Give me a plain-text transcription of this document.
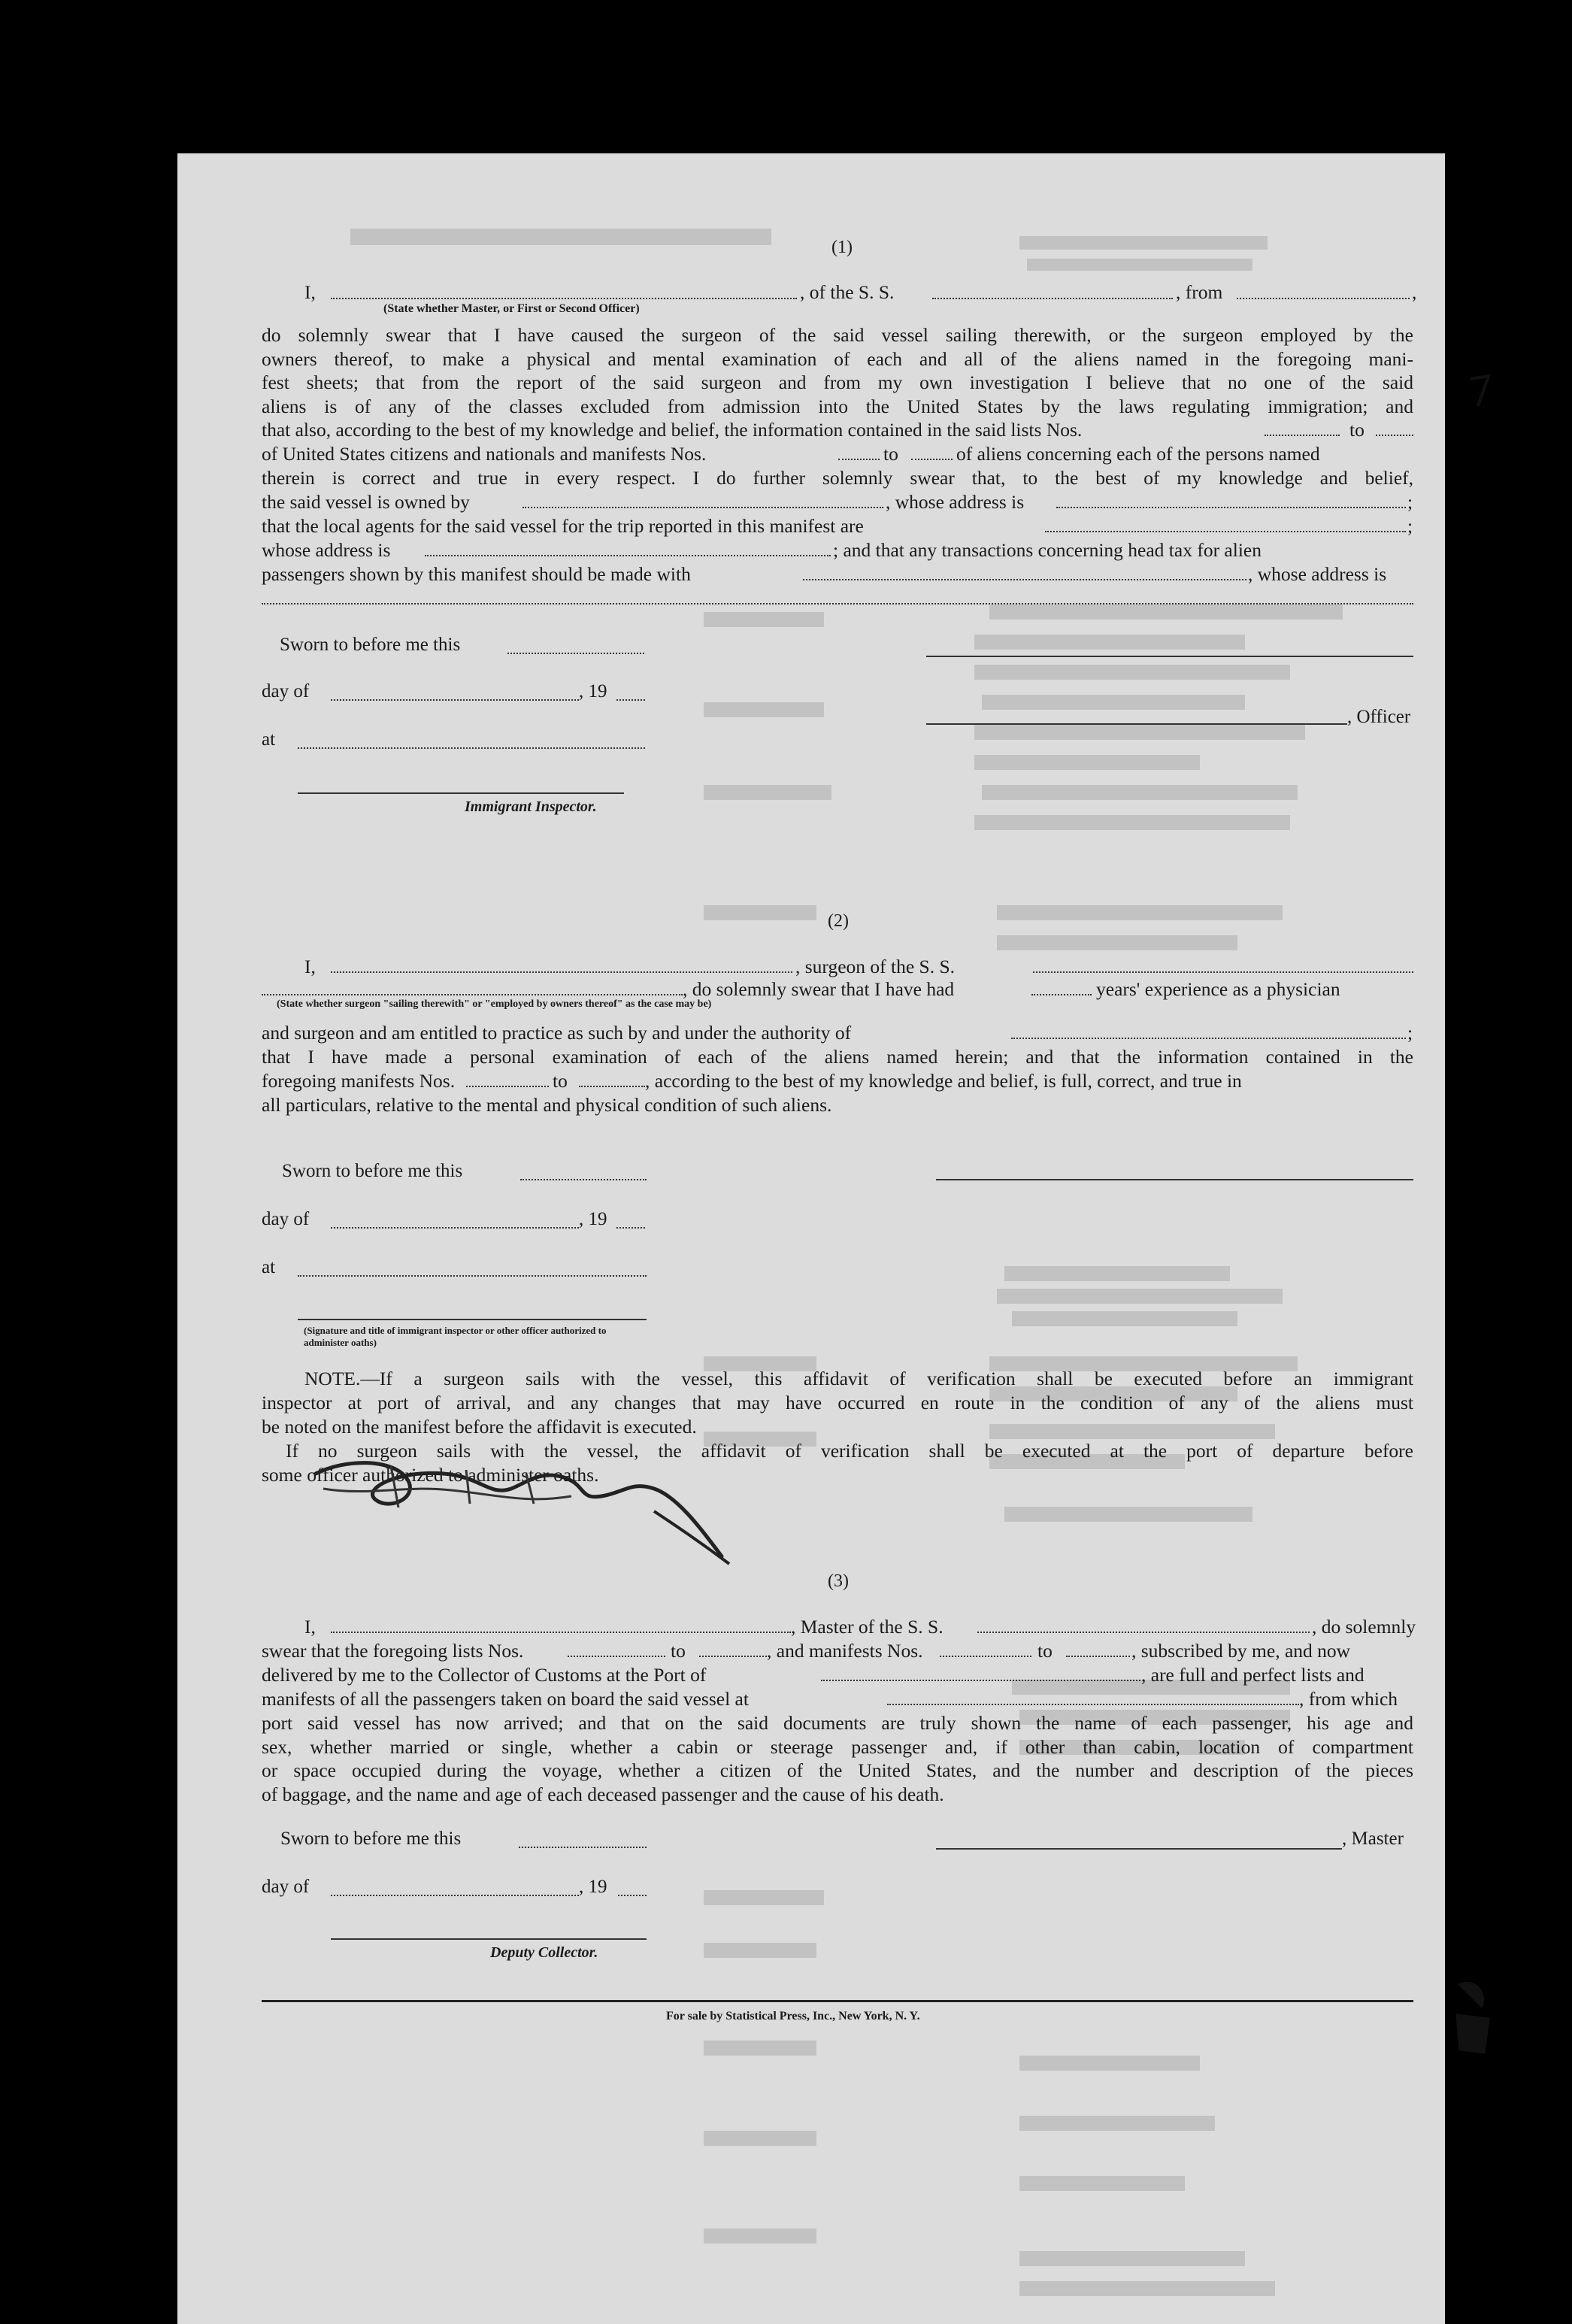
(1)
I,	, of the S. S.	, from	,
(State whether Master, or First or Second Officer)
do solemnly swear that I have caused the surgeon of the said vessel sailing therewith, or the surgeon employed by the
owners thereof, to make a physical and mental examination of each and all of the aliens named in the foregoing mani-
fest sheets; that from the report of the said surgeon and from my own investigation I believe that no one of the said
aliens is of any of the classes excluded from admission into the United States by the laws regulating immigration; and
that also, according to the best of my knowledge and belief, the information contained in the said lists Nos.	to
of United States citizens and nationals and manifests Nos.	to	of aliens concerning each of the persons named
therein is correct and true in every respect. I do further solemnly swear that, to the best of my knowledge and belief,
the said vessel is owned by	, whose address is	;
that the local agents for the said vessel for the trip reported in this manifest are	;
whose address is	; and that any transactions concerning head tax for alien
passengers shown by this manifest should be made with	, whose address is
Sworn to before me this
day of	, 19
, Officer
at
Immigrant Inspector.
(2)
I,	, surgeon of the S. S.
, do solemnly swear that I have had	years' experience as a physician
(State whether surgeon "sailing therewith" or "employed by owners thereof" as the case may be)
and surgeon and am entitled to practice as such by and under the authority of	;
that I have made a personal examination of each of the aliens named herein; and that the information contained in the
foregoing manifests Nos.	to	, according to the best of my knowledge and belief, is full, correct, and true in
all particulars, relative to the mental and physical condition of such aliens.
Sworn to before me this
day of	, 19
at
(Signature and title of immigrant inspector or other officer authorized to administer oaths)
NOTE.—If a surgeon sails with the vessel, this affidavit of verification shall be executed before an immigrant
inspector at port of arrival, and any changes that may have occurred en route in the condition of any of the aliens must
be noted on the manifest before the affidavit is executed.
If no surgeon sails with the vessel, the affidavit of verification shall be executed at the port of departure before
some officer authorized to administer oaths.
(3)
I,	, Master of the S. S.	, do solemnly
swear that the foregoing lists Nos.	to	, and manifests Nos.	to	, subscribed by me, and now
delivered by me to the Collector of Customs at the Port of	, are full and perfect lists and
manifests of all the passengers taken on board the said vessel at	, from which
port said vessel has now arrived; and that on the said documents are truly shown the name of each passenger, his age and
sex, whether married or single, whether a cabin or steerage passenger and, if other than cabin, location of compartment
or space occupied during the voyage, whether a citizen of the United States, and the number and description of the pieces
of baggage, and the name and age of each deceased passenger and the cause of his death.
Sworn to before me this	, Master
day of	, 19
Deputy Collector.
For sale by Statistical Press, Inc., New York, N. Y.
